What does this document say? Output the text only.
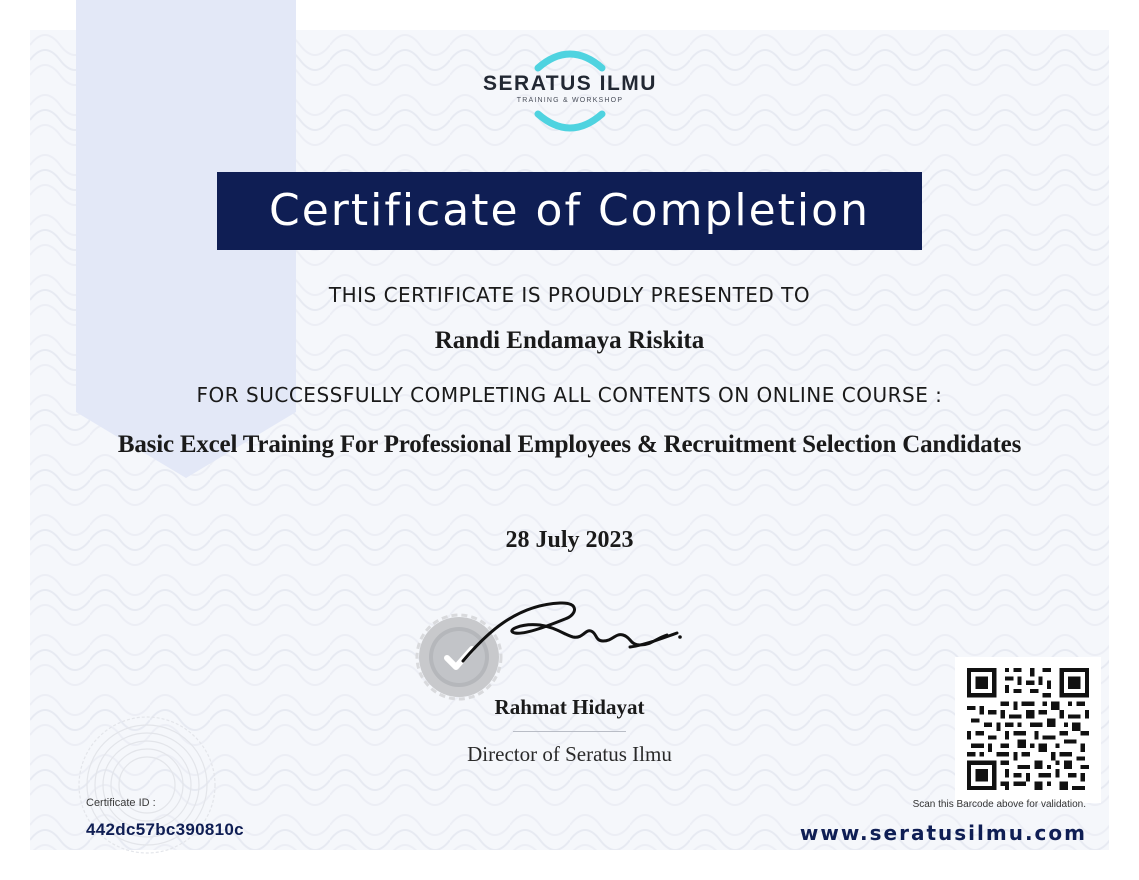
SERATUS ILMU
TRAINING & WORKSHOP
Certificate of Completion
THIS CERTIFICATE IS PROUDLY PRESENTED TO
Randi Endamaya Riskita
FOR SUCCESSFULLY COMPLETING ALL CONTENTS ON ONLINE COURSE :
Basic Excel Training For Professional Employees & Recruitment Selection Candidates
28 July 2023
Rahmat Hidayat
Director of Seratus Ilmu
Certificate ID :
442dc57bc390810c
Scan this Barcode above for validation.
www.seratusilmu.com
